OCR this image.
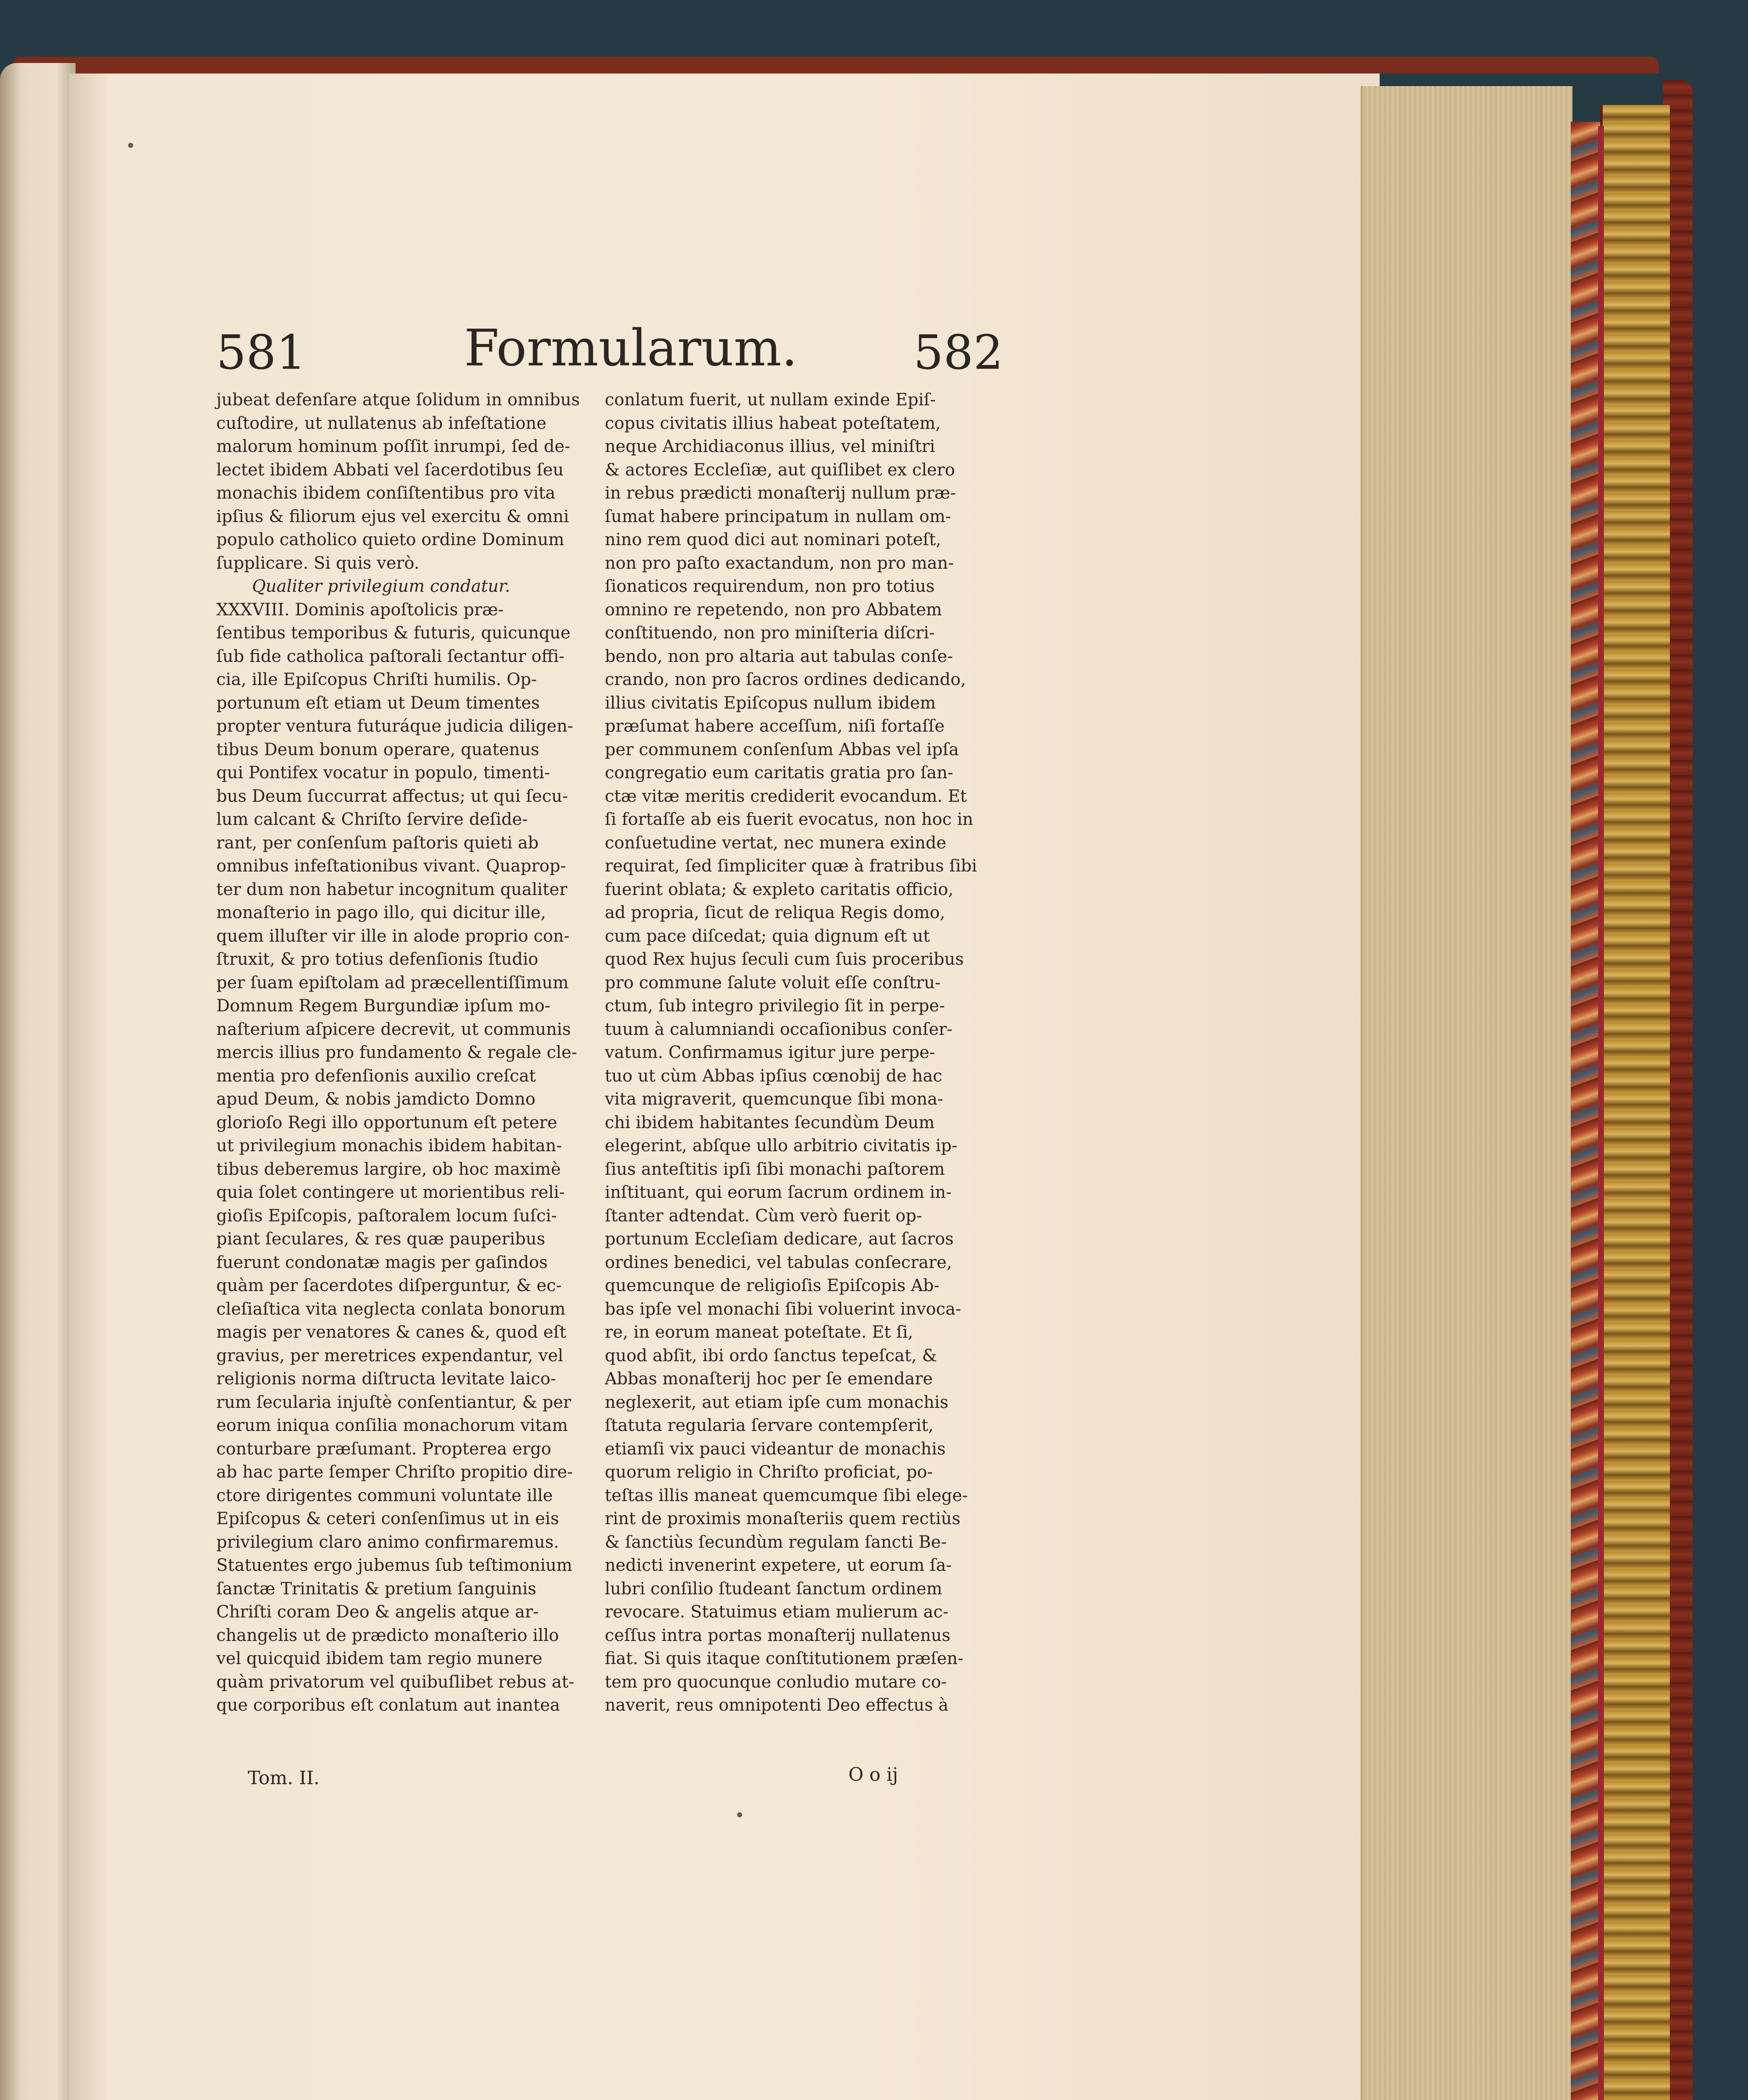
581	Formularum. 582
jubeat defenſare atque ſolidum in omnibus
cuſtodire, ut nullatenus ab infeſtatione
malorum hominum poſſit inrumpi, ſed de-
lectet ibidem Abbati vel ſacerdotibus ſeu
monachis ibidem conſiſtentibus pro vita
ipſius & filiorum ejus vel exercitu & omni
populo catholico quieto ordine Dominum
ſupplicare. Si quis verò.
Qualiter privilegium condatur.
XXXVIII. Dominis apoſtolicis præ-
ſentibus temporibus & futuris, quicunque
ſub fide catholica paſtorali ſectantur offi-
cia, ille Epiſcopus Chriſti humilis. Op-
portunum eſt etiam ut Deum timentes
propter ventura futuráque judicia diligen-
tibus Deum bonum operare, quatenus
qui Pontifex vocatur in populo, timenti-
bus Deum ſuccurrat affectus; ut qui ſecu-
lum calcant & Chriſto ſervire deſide-
rant, per conſenſum paſtoris quieti ab
omnibus infeſtationibus vivant. Quaprop-
ter dum non habetur incognitum qualiter
monaſterio in pago illo, qui dicitur ille,
quem illuſter vir ille in alode proprio con-
ſtruxit, & pro totius defenſionis ſtudio
per ſuam epiſtolam ad præcellentiſſimum
Domnum Regem Burgundiæ ipſum mo-
naſterium aſpicere decrevit, ut communis
mercis illius pro fundamento & regale cle-
mentia pro defenſionis auxilio creſcat
apud Deum, & nobis jamdicto Domno
glorioſo Regi illo opportunum eſt petere
ut privilegium monachis ibidem habitan-
tibus deberemus largire, ob hoc maximè
quia ſolet contingere ut morientibus reli-
gioſis Epiſcopis, paſtoralem locum ſuſci-
piant ſeculares, & res quæ pauperibus
fuerunt condonatæ magis per gaſindos
quàm per ſacerdotes diſperguntur, & ec-
cleſiaſtica vita neglecta conlata bonorum
magis per venatores & canes &, quod eſt
gravius, per meretrices expendantur, vel
religionis norma diſtructa levitate laico-
rum ſecularia injuſtè conſentiantur, & per
eorum iniqua conſilia monachorum vitam
conturbare præſumant. Propterea ergo
ab hac parte ſemper Chriſto propitio dire-
ctore dirigentes communi voluntate ille
Epiſcopus & ceteri conſenſimus ut in eis
privilegium claro animo confirmaremus.
Statuentes ergo jubemus ſub teſtimonium
ſanctæ Trinitatis & pretium ſanguinis
Chriſti coram Deo & angelis atque ar-
changelis ut de prædicto monaſterio illo
vel quicquid ibidem tam regio munere
quàm privatorum vel quibuſlibet rebus at-
que corporibus eſt conlatum aut inantea
conlatum fuerit, ut nullam exinde Epiſ-
copus civitatis illius habeat poteſtatem,
neque Archidiaconus illius, vel miniſtri
& actores Eccleſiæ, aut quiſlibet ex clero
in rebus prædicti monaſterij nullum præ-
ſumat habere principatum in nullam om-
nino rem quod dici aut nominari poteſt,
non pro paſto exactandum, non pro man-
ſionaticos requirendum, non pro totius
omnino re repetendo, non pro Abbatem
conſtituendo, non pro miniſteria diſcri-
bendo, non pro altaria aut tabulas conſe-
crando, non pro ſacros ordines dedicando,
illius civitatis Epiſcopus nullum ibidem
præſumat habere acceſſum, niſi fortaſſe
per communem conſenſum Abbas vel ipſa
congregatio eum caritatis gratia pro ſan-
ctæ vitæ meritis crediderit evocandum. Et
ſi fortaſſe ab eis fuerit evocatus, non hoc in
conſuetudine vertat, nec munera exinde
requirat, ſed ſimpliciter quæ à fratribus ſibi
fuerint oblata; & expleto caritatis officio,
ad propria, ſicut de reliqua Regis domo,
cum pace diſcedat; quia dignum eſt ut
quod Rex hujus ſeculi cum ſuis proceribus
pro commune ſalute voluit eſſe conſtru-
ctum, ſub integro privilegio ſit in perpe-
tuum à calumniandi occaſionibus conſer-
vatum. Confirmamus igitur jure perpe-
tuo ut cùm Abbas ipſius cœnobij de hac
vita migraverit, quemcunque ſibi mona-
chi ibidem habitantes ſecundùm Deum
elegerint, abſque ullo arbitrio civitatis ip-
ſius anteſtitis ipſi ſibi monachi paſtorem
inſtituant, qui eorum ſacrum ordinem in-
ſtanter adtendat. Cùm verò fuerit op-
portunum Eccleſiam dedicare, aut ſacros
ordines benedici, vel tabulas conſecrare,
quemcunque de religioſis Epiſcopis Ab-
bas ipſe vel monachi ſibi voluerint invoca-
re, in eorum maneat poteſtate. Et ſi,
quod abſit, ibi ordo ſanctus tepeſcat, &
Abbas monaſterij hoc per ſe emendare
neglexerit, aut etiam ipſe cum monachis
ſtatuta regularia ſervare contempſerit,
etiamſi vix pauci videantur de monachis
quorum religio in Chriſto proficiat, po-
teſtas illis maneat quemcumque ſibi elege-
rint de proximis monaſteriis quem rectiùs
& ſanctiùs ſecundùm regulam ſancti Be-
nedicti invenerint expetere, ut eorum ſa-
lubri conſilio ſtudeant ſanctum ordinem
revocare. Statuimus etiam mulierum ac-
ceſſus intra portas monaſterij nullatenus
fiat. Si quis itaque conſtitutionem præſen-
tem pro quocunque conludio mutare co-
naverit, reus omnipotenti Deo effectus à
Tom. II.	O o ij
